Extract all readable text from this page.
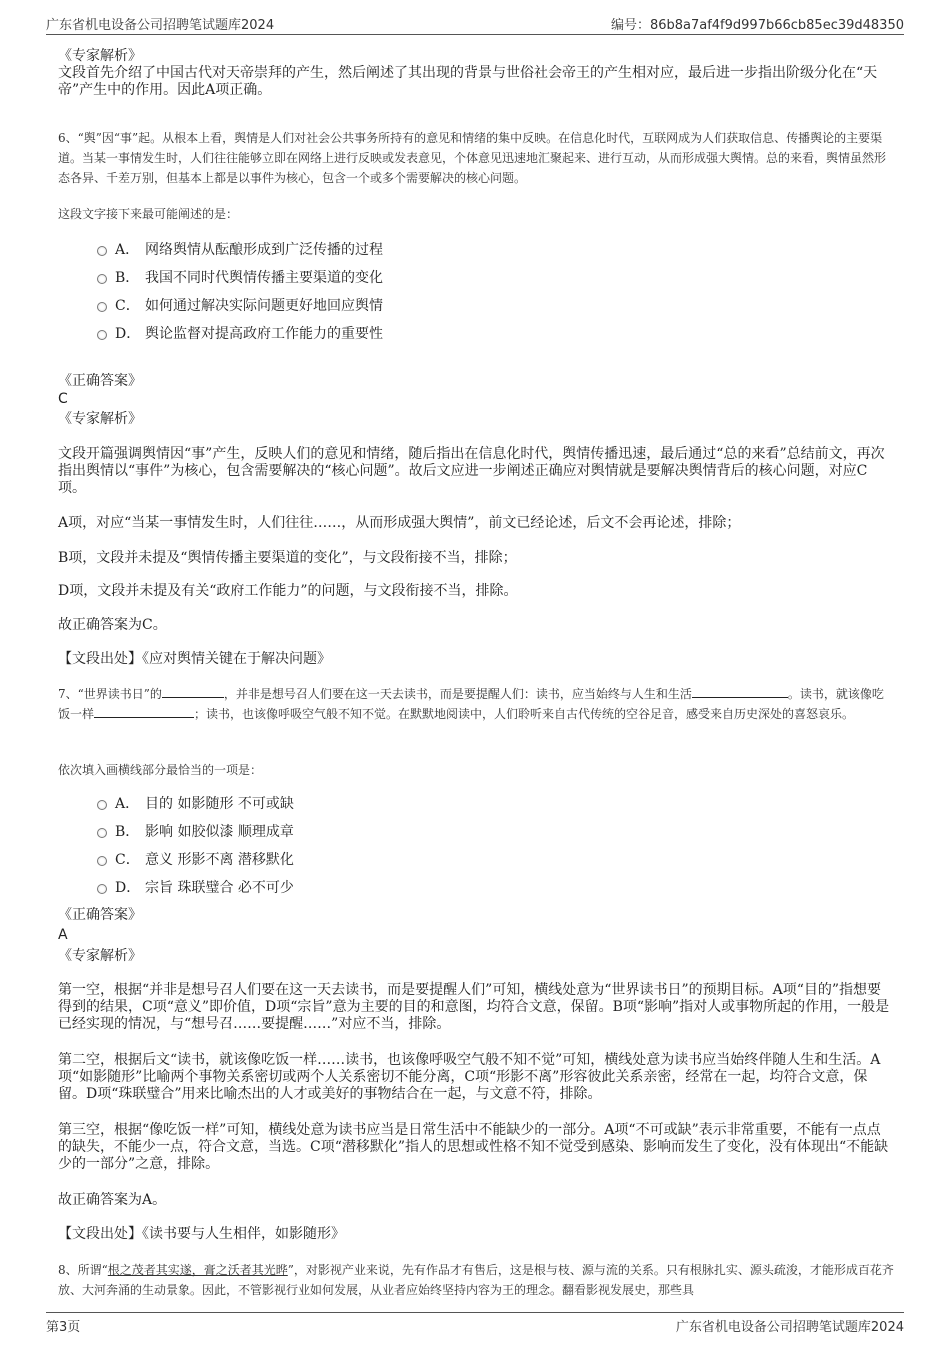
广东省机电设备公司招聘笔试题库2024	编号：86b8a7af4f9d997b66cb85ec39d48350
《专家解析》
文段首先介绍了中国古代对天帝崇拜的产生，然后阐述了其出现的背景与世俗社会帝王的产生相对应，最后进一步指出阶级分化在“天帝”产生中的作用。因此A项正确。
6、“舆”因“事”起。从根本上看，舆情是人们对社会公共事务所持有的意见和情绪的集中反映。在信息化时代，互联网成为人们获取信息、传播舆论的主要渠道。当某一事情发生时，人们往往能够立即在网络上进行反映或发表意见，个体意见迅速地汇聚起来、进行互动，从而形成强大舆情。总的来看，舆情虽然形态各异、千差万别，但基本上都是以事件为核心，包含一个或多个需要解决的核心问题。
这段文字接下来最可能阐述的是：
A． 网络舆情从酝酿形成到广泛传播的过程
B． 我国不同时代舆情传播主要渠道的变化
C． 如何通过解决实际问题更好地回应舆情
D． 舆论监督对提高政府工作能力的重要性
《正确答案》
C
《专家解析》
文段开篇强调舆情因“事”产生，反映人们的意见和情绪，随后指出在信息化时代，舆情传播迅速，最后通过“总的来看”总结前文，再次指出舆情以“事件”为核心，包含需要解决的“核心问题”。故后文应进一步阐述正确应对舆情就是要解决舆情背后的核心问题，对应C项。
A项，对应“当某一事情发生时，人们往往……，从而形成强大舆情”，前文已经论述，后文不会再论述，排除；
B项，文段并未提及“舆情传播主要渠道的变化”，与文段衔接不当，排除；
D项，文段并未提及有关“政府工作能力”的问题，与文段衔接不当，排除。
故正确答案为C。
【文段出处】《应对舆情关键在于解决问题》
7、“世界读书日”的	，并非是想号召人们要在这一天去读书，而是要提醒人们：读书，应当始终与人生和生活	。读书，就该像吃饭一样	；读书，也该像呼吸空气般不知不觉。在默默地阅读中，人们聆听来自古代传统的空谷足音，感受来自历史深处的喜怒哀乐。
依次填入画横线部分最恰当的一项是：
A． 目的 如影随形 不可或缺
B． 影响 如胶似漆 顺理成章
C． 意义 形影不离 潜移默化
D． 宗旨 珠联璧合 必不可少
《正确答案》
A
《专家解析》
第一空，根据“并非是想号召人们要在这一天去读书，而是要提醒人们”可知，横线处意为“世界读书日”的预期目标。A项“目的”指想要得到的结果，C项“意义”即价值，D项“宗旨”意为主要的目的和意图，均符合文意，保留。B项“影响”指对人或事物所起的作用，一般是已经实现的情况，与“想号召……要提醒……”对应不当，排除。
第二空，根据后文“读书，就该像吃饭一样……读书，也该像呼吸空气般不知不觉”可知，横线处意为读书应当始终伴随人生和生活。A项“如影随形”比喻两个事物关系密切或两个人关系密切不能分离，C项“形影不离”形容彼此关系亲密，经常在一起，均符合文意，保留。D项“珠联璧合”用来比喻杰出的人才或美好的事物结合在一起，与文意不符，排除。
第三空，根据“像吃饭一样”可知，横线处意为读书应当是日常生活中不能缺少的一部分。A项“不可或缺”表示非常重要，不能有一点点的缺失，不能少一点，符合文意，当选。C项“潜移默化”指人的思想或性格不知不觉受到感染、影响而发生了变化，没有体现出“不能缺少的一部分”之意，排除。
故正确答案为A。
【文段出处】《读书要与人生相伴，如影随形》
8、所谓“根之茂者其实遂，膏之沃者其光晔”，对影视产业来说，先有作品才有售后，这是根与枝、源与流的关系。只有根脉扎实、源头疏浚，才能形成百花齐放、大河奔涌的生动景象。因此，不管影视行业如何发展，从业者应始终坚持内容为王的理念。翻看影视发展史，那些具
第3页	广东省机电设备公司招聘笔试题库2024
